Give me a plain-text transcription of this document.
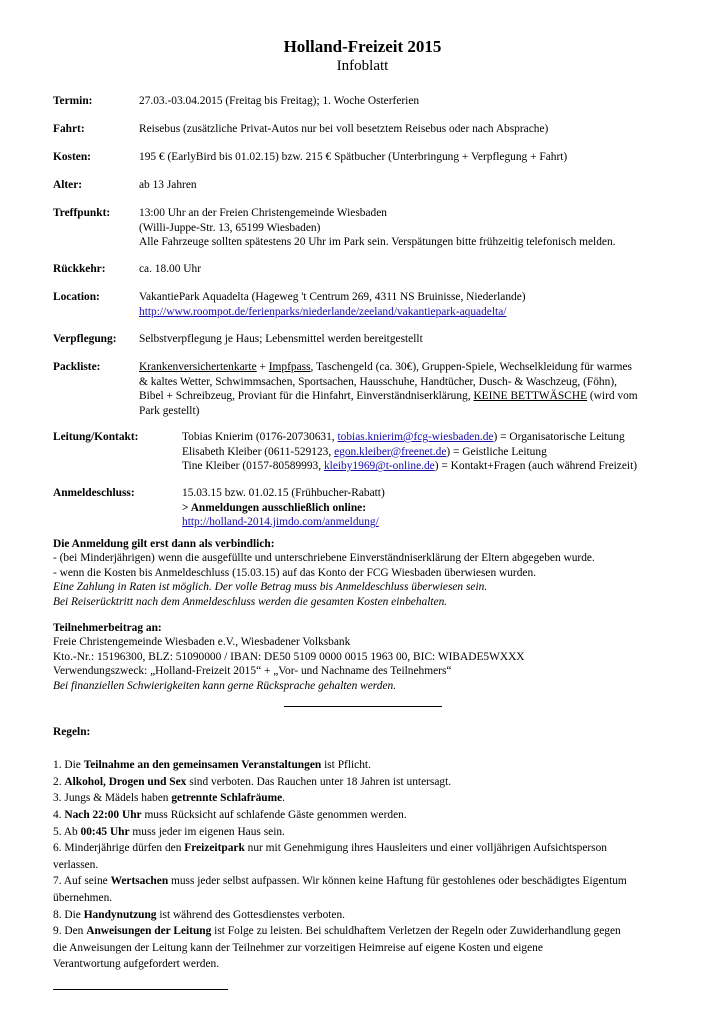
Holland-Freizeit 2015
Infoblatt
Termin:	27.03.-03.04.2015 (Freitag bis Freitag); 1. Woche Osterferien
Fahrt:	Reisebus (zusätzliche Privat-Autos nur bei voll besetztem Reisebus oder nach Absprache)
Kosten:	195 € (EarlyBird bis 01.02.15) bzw. 215 € Spätbucher (Unterbringung + Verpflegung + Fahrt)
Alter:	ab 13 Jahren
Treffpunkt:	13:00 Uhr an der Freien Christengemeinde Wiesbaden
(Willi-Juppe-Str. 13, 65199 Wiesbaden)
Alle Fahrzeuge sollten spätestens 20 Uhr im Park sein. Verspätungen bitte frühzeitig telefonisch melden.
Rückkehr:	ca. 18.00 Uhr
Location:	VakantiePark Aquadelta (Hageweg 't Centrum 269, 4311 NS Bruinisse, Niederlande)
http://www.roompot.de/ferienparks/niederlande/zeeland/vakantiepark-aquadelta/
Verpflegung: Selbstverpflegung je Haus; Lebensmittel werden bereitgestellt
Packliste:	Krankenversichertenkarte + Impfpass, Taschengeld (ca. 30€), Gruppen-Spiele, Wechselkleidung für warmes
& kaltes Wetter, Schwimmsachen, Sportsachen, Hausschuhe, Handtücher, Dusch- & Waschzeug, (Föhn),
Bibel + Schreibzeug, Proviant für die Hinfahrt, Einverständniserklärung, KEINE BETTWÄSCHE (wird vom
Park gestellt)
Leitung/Kontakt:	Tobias Knierim (0176-20730631, tobias.knierim@fcg-wiesbaden.de) = Organisatorische Leitung
Elisabeth Kleiber (0611-529123, egon.kleiber@freenet.de) = Geistliche Leitung
Tine Kleiber (0157-80589993, kleiby1969@t-online.de) = Kontakt+Fragen (auch während Freizeit)
Anmeldeschluss:	15.03.15 bzw. 01.02.15 (Frühbucher-Rabatt)
> Anmeldungen ausschließlich online:
http://holland-2014.jimdo.com/anmeldung/
Die Anmeldung gilt erst dann als verbindlich:
- (bei Minderjährigen) wenn die ausgefüllte und unterschriebene Einverständniserklärung der Eltern abgegeben wurde.
- wenn die Kosten bis Anmeldeschluss (15.03.15) auf das Konto der FCG Wiesbaden überwiesen wurden.
Eine Zahlung in Raten ist möglich. Der volle Betrag muss bis Anmeldeschluss überwiesen sein.
Bei Reiserücktritt nach dem Anmeldeschluss werden die gesamten Kosten einbehalten.
Teilnehmerbeitrag an:
Freie Christengemeinde Wiesbaden e.V., Wiesbadener Volksbank
Kto.-Nr.: 15196300, BLZ: 51090000 / IBAN: DE50 5109 0000 0015 1963 00, BIC: WIBADE5WXXX
Verwendungszweck: „Holland-Freizeit 2015“ + „Vor- und Nachname des Teilnehmers“
Bei finanziellen Schwierigkeiten kann gerne Rücksprache gehalten werden.
Regeln:

1. Die Teilnahme an den gemeinsamen Veranstaltungen ist Pflicht.
2. Alkohol, Drogen und Sex sind verboten. Das Rauchen unter 18 Jahren ist untersagt.
3. Jungs & Mädels haben getrennte Schlafräume.
4. Nach 22:00 Uhr muss Rücksicht auf schlafende Gäste genommen werden.
5. Ab 00:45 Uhr muss jeder im eigenen Haus sein.
6. Minderjährige dürfen den Freizeitpark nur mit Genehmigung ihres Hausleiters und einer volljährigen Aufsichtsperson
verlassen.
7. Auf seine Wertsachen muss jeder selbst aufpassen. Wir können keine Haftung für gestohlenes oder beschädigtes Eigentum
übernehmen.
8. Die Handynutzung ist während des Gottesdienstes verboten.
9. Den Anweisungen der Leitung ist Folge zu leisten. Bei schuldhaftem Verletzen der Regeln oder Zuwiderhandlung gegen
die Anweisungen der Leitung kann der Teilnehmer zur vorzeitigen Heimreise auf eigene Kosten und eigene
Verantwortung aufgefordert werden.
